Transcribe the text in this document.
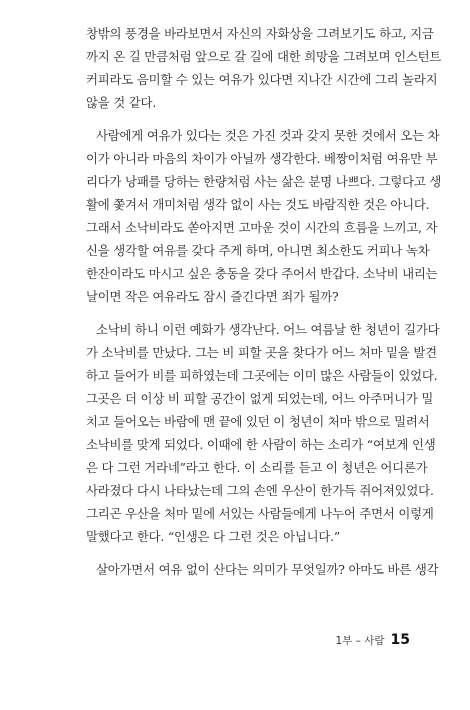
창밖의 풍경을 바라보면서 자신의 자화상을 그려보기도 하고, 지금
까지 온 길 만큼처럼 앞으로 갈 길에 대한 희망을 그려보며 인스턴트
커피라도 음미할 수 있는 여유가 있다면 지나간 시간에 그리 놀라지
않을 것 같다.
사람에게 여유가 있다는 것은 가진 것과 갖지 못한 것에서 오는 차
이가 아니라 마음의 차이가 아닐까 생각한다. 베짱이처럼 여유만 부
리다가 낭패를 당하는 한량처럼 사는 삶은 분명 나쁘다. 그렇다고 생
활에 쫓겨서 개미처럼 생각 없이 사는 것도 바람직한 것은 아니다.
그래서 소낙비라도 쏟아지면 고마운 것이 시간의 흐름을 느끼고, 자
신을 생각할 여유를 갖다 주게 하며, 아니면 최소한도 커피나 녹차
한잔이라도 마시고 싶은 충동을 갖다 주어서 반갑다. 소낙비 내리는
날이면 작은 여유라도 잠시 즐긴다면 죄가 될까?
소낙비 하니 이런 예화가 생각난다. 어느 여름날 한 청년이 길가다
가 소낙비를 만났다. 그는 비 피할 곳을 찾다가 어느 처마 밑을 발견
하고 들어가 비를 피하였는데 그곳에는 이미 많은 사람들이 있었다.
그곳은 더 이상 비 피할 공간이 없게 되었는데, 어느 아주머니가 밀
치고 들어오는 바람에 맨 끝에 있던 이 청년이 처마 밖으로 밀려서
소낙비를 맞게 되었다. 이때에 한 사람이 하는 소리가 “여보게 인생
은 다 그런 거라네”라고 한다. 이 소리를 듣고 이 청년은 어디론가
사라졌다 다시 나타났는데 그의 손엔 우산이 한가득 쥐어져있었다.
그리곤 우산을 처마 밑에 서있는 사람들에게 나누어 주면서 이렇게
말했다고 한다. “인생은 다 그런 것은 아닙니다.”
살아가면서 여유 없이 산다는 의미가 무엇일까? 아마도 바른 생각
1부 – 사람 15
